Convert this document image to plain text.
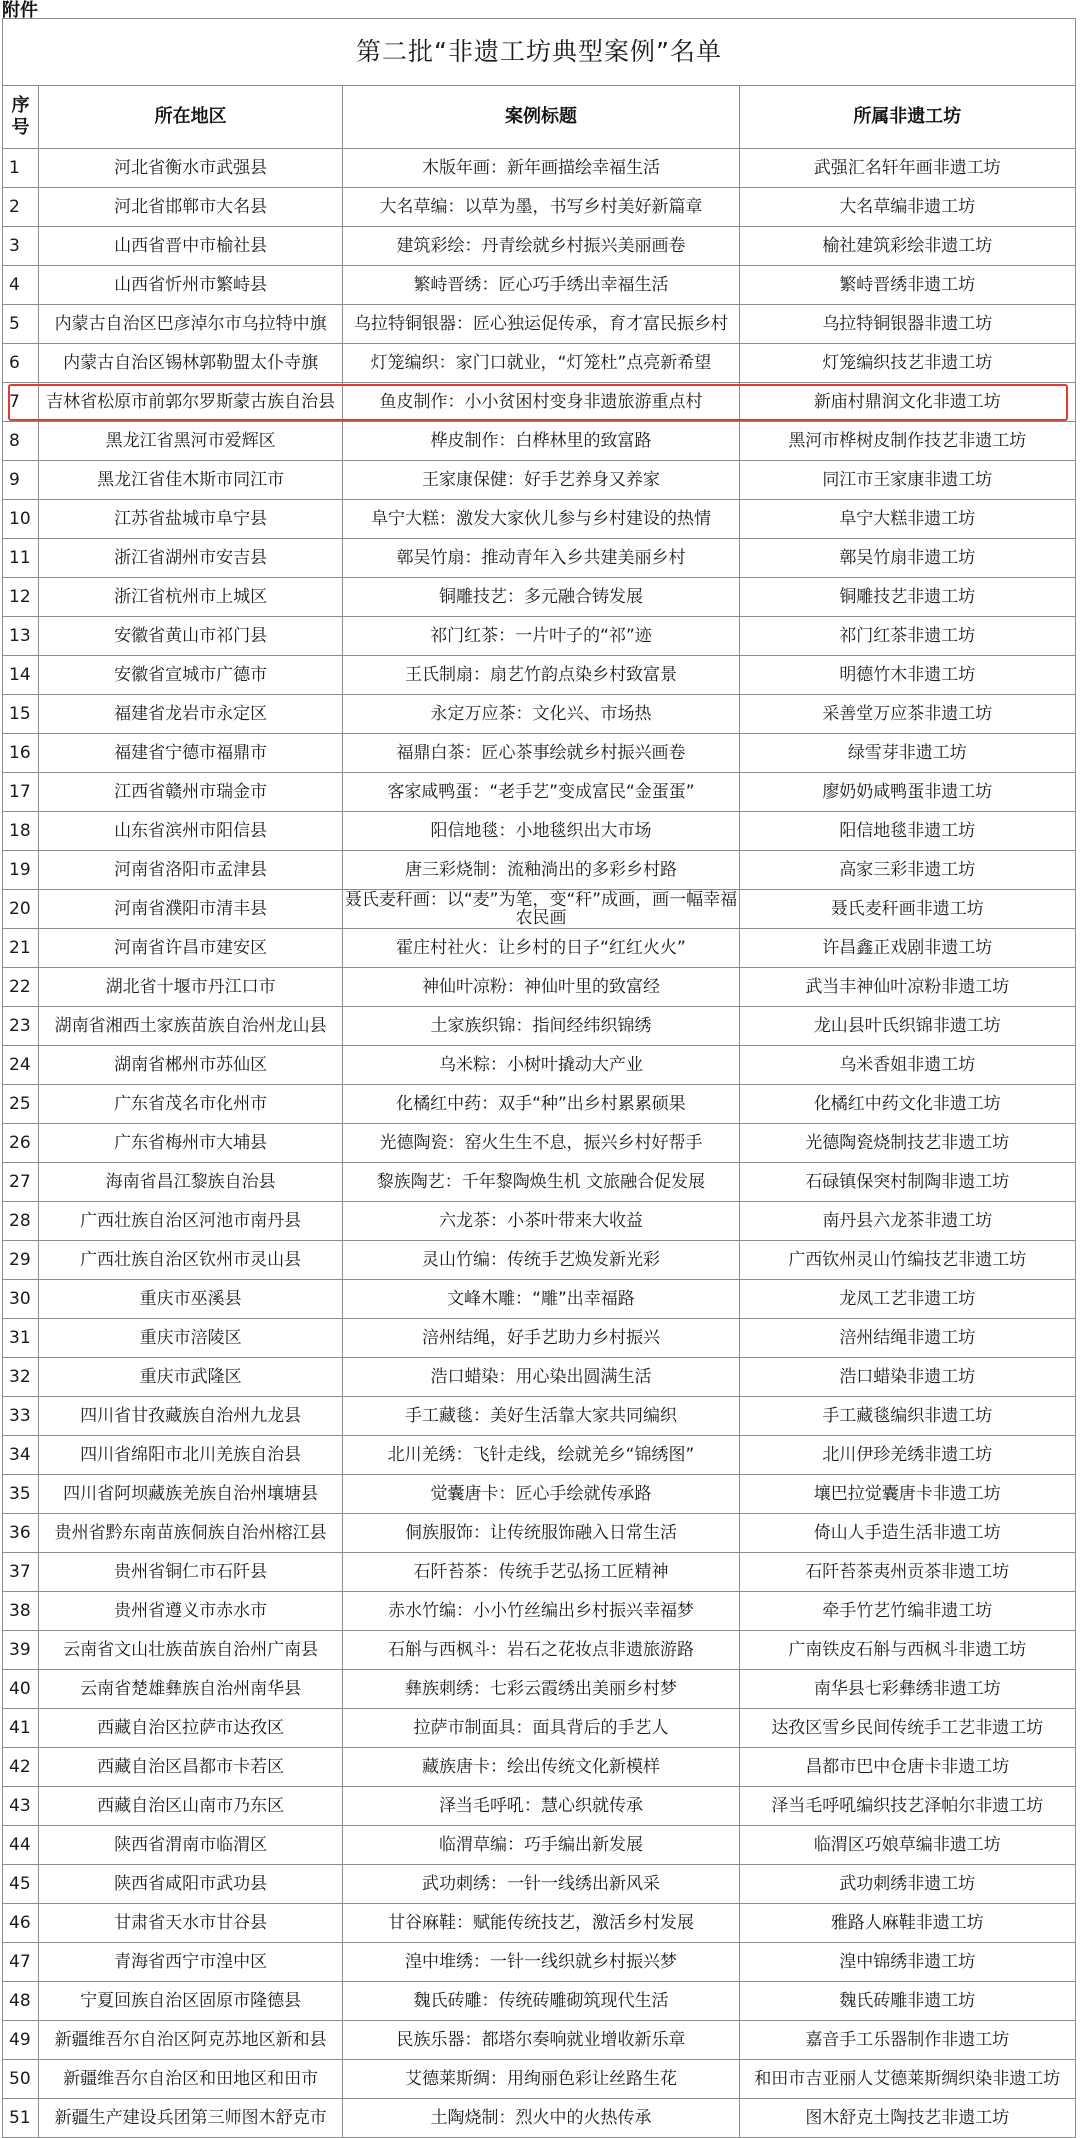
附件
第二批“非遗工坊典型案例”名单			
序号	所在地区	案例标题	所属非遗工坊
1	河北省衡水市武强县	木版年画：新年画描绘幸福生活	武强汇名轩年画非遗工坊
2	河北省邯郸市大名县	大名草编：以草为墨，书写乡村美好新篇章	大名草编非遗工坊
3	山西省晋中市榆社县	建筑彩绘：丹青绘就乡村振兴美丽画卷	榆社建筑彩绘非遗工坊
4	山西省忻州市繁峙县	繁峙晋绣：匠心巧手绣出幸福生活	繁峙晋绣非遗工坊
5	内蒙古自治区巴彦淖尔市乌拉特中旗	乌拉特铜银器：匠心独运促传承，育才富民振乡村	乌拉特铜银器非遗工坊
6	内蒙古自治区锡林郭勒盟太仆寺旗	灯笼编织：家门口就业，“灯笼杜”点亮新希望	灯笼编织技艺非遗工坊
7	吉林省松原市前郭尔罗斯蒙古族自治县	鱼皮制作：小小贫困村变身非遗旅游重点村	新庙村鼎润文化非遗工坊
8	黑龙江省黑河市爱辉区	桦皮制作：白桦林里的致富路	黑河市桦树皮制作技艺非遗工坊
9	黑龙江省佳木斯市同江市	王家康保健：好手艺养身又养家	同江市王家康非遗工坊
10	江苏省盐城市阜宁县	阜宁大糕：激发大家伙儿参与乡村建设的热情	阜宁大糕非遗工坊
11	浙江省湖州市安吉县	鄣吴竹扇：推动青年入乡共建美丽乡村	鄣吴竹扇非遗工坊
12	浙江省杭州市上城区	铜雕技艺：多元融合铸发展	铜雕技艺非遗工坊
13	安徽省黄山市祁门县	祁门红茶：一片叶子的“祁”迹	祁门红茶非遗工坊
14	安徽省宣城市广德市	王氏制扇：扇艺竹韵点染乡村致富景	明德竹木非遗工坊
15	福建省龙岩市永定区	永定万应茶：文化兴、市场热	采善堂万应茶非遗工坊
16	福建省宁德市福鼎市	福鼎白茶：匠心茶事绘就乡村振兴画卷	绿雪芽非遗工坊
17	江西省赣州市瑞金市	客家咸鸭蛋：“老手艺”变成富民“金蛋蛋”	廖奶奶咸鸭蛋非遗工坊
18	山东省滨州市阳信县	阳信地毯：小地毯织出大市场	阳信地毯非遗工坊
19	河南省洛阳市孟津县	唐三彩烧制：流釉淌出的多彩乡村路	高家三彩非遗工坊
20	河南省濮阳市清丰县	聂氏麦秆画：以“麦”为笔，变“秆”成画，画一幅幸福农民画	聂氏麦秆画非遗工坊
21	河南省许昌市建安区	霍庄村社火：让乡村的日子“红红火火”	许昌鑫正戏剧非遗工坊
22	湖北省十堰市丹江口市	神仙叶凉粉：神仙叶里的致富经	武当丰神仙叶凉粉非遗工坊
23	湖南省湘西土家族苗族自治州龙山县	土家族织锦：指间经纬织锦绣	龙山县叶氏织锦非遗工坊
24	湖南省郴州市苏仙区	乌米粽：小树叶撬动大产业	乌米香姐非遗工坊
25	广东省茂名市化州市	化橘红中药：双手“种”出乡村累累硕果	化橘红中药文化非遗工坊
26	广东省梅州市大埔县	光德陶瓷：窑火生生不息，振兴乡村好帮手	光德陶瓷烧制技艺非遗工坊
27	海南省昌江黎族自治县	黎族陶艺：千年黎陶焕生机 文旅融合促发展	石碌镇保突村制陶非遗工坊
28	广西壮族自治区河池市南丹县	六龙茶：小茶叶带来大收益	南丹县六龙茶非遗工坊
29	广西壮族自治区钦州市灵山县	灵山竹编：传统手艺焕发新光彩	广西钦州灵山竹编技艺非遗工坊
30	重庆市巫溪县	文峰木雕：“雕”出幸福路	龙凤工艺非遗工坊
31	重庆市涪陵区	涪州结绳，好手艺助力乡村振兴	涪州结绳非遗工坊
32	重庆市武隆区	浩口蜡染：用心染出圆满生活	浩口蜡染非遗工坊
33	四川省甘孜藏族自治州九龙县	手工藏毯：美好生活靠大家共同编织	手工藏毯编织非遗工坊
34	四川省绵阳市北川羌族自治县	北川羌绣：飞针走线，绘就羌乡“锦绣图”	北川伊珍羌绣非遗工坊
35	四川省阿坝藏族羌族自治州壤塘县	觉囊唐卡：匠心手绘就传承路	壤巴拉觉囊唐卡非遗工坊
36	贵州省黔东南苗族侗族自治州榕江县	侗族服饰：让传统服饰融入日常生活	倚山人手造生活非遗工坊
37	贵州省铜仁市石阡县	石阡苔茶：传统手艺弘扬工匠精神	石阡苔茶夷州贡茶非遗工坊
38	贵州省遵义市赤水市	赤水竹编：小小竹丝编出乡村振兴幸福梦	牵手竹艺竹编非遗工坊
39	云南省文山壮族苗族自治州广南县	石斛与西枫斗：岩石之花妆点非遗旅游路	广南铁皮石斛与西枫斗非遗工坊
40	云南省楚雄彝族自治州南华县	彝族刺绣：七彩云霞绣出美丽乡村梦	南华县七彩彝绣非遗工坊
41	西藏自治区拉萨市达孜区	拉萨市制面具：面具背后的手艺人	达孜区雪乡民间传统手工艺非遗工坊
42	西藏自治区昌都市卡若区	藏族唐卡：绘出传统文化新模样	昌都市巴中仓唐卡非遗工坊
43	西藏自治区山南市乃东区	泽当毛呼吼：慧心织就传承	泽当毛呼吼编织技艺泽帕尔非遗工坊
44	陕西省渭南市临渭区	临渭草编：巧手编出新发展	临渭区巧娘草编非遗工坊
45	陕西省咸阳市武功县	武功刺绣：一针一线绣出新风采	武功刺绣非遗工坊
46	甘肃省天水市甘谷县	甘谷麻鞋：赋能传统技艺，激活乡村发展	雅路人麻鞋非遗工坊
47	青海省西宁市湟中区	湟中堆绣：一针一线织就乡村振兴梦	湟中锦绣非遗工坊
48	宁夏回族自治区固原市隆德县	魏氏砖雕：传统砖雕砌筑现代生活	魏氏砖雕非遗工坊
49	新疆维吾尔自治区阿克苏地区新和县	民族乐器：都塔尔奏响就业增收新乐章	嘉音手工乐器制作非遗工坊
50	新疆维吾尔自治区和田地区和田市	艾德莱斯绸：用绚丽色彩让丝路生花	和田市吉亚丽人艾德莱斯绸织染非遗工坊
51	新疆生产建设兵团第三师图木舒克市	土陶烧制：烈火中的火热传承	图木舒克土陶技艺非遗工坊
